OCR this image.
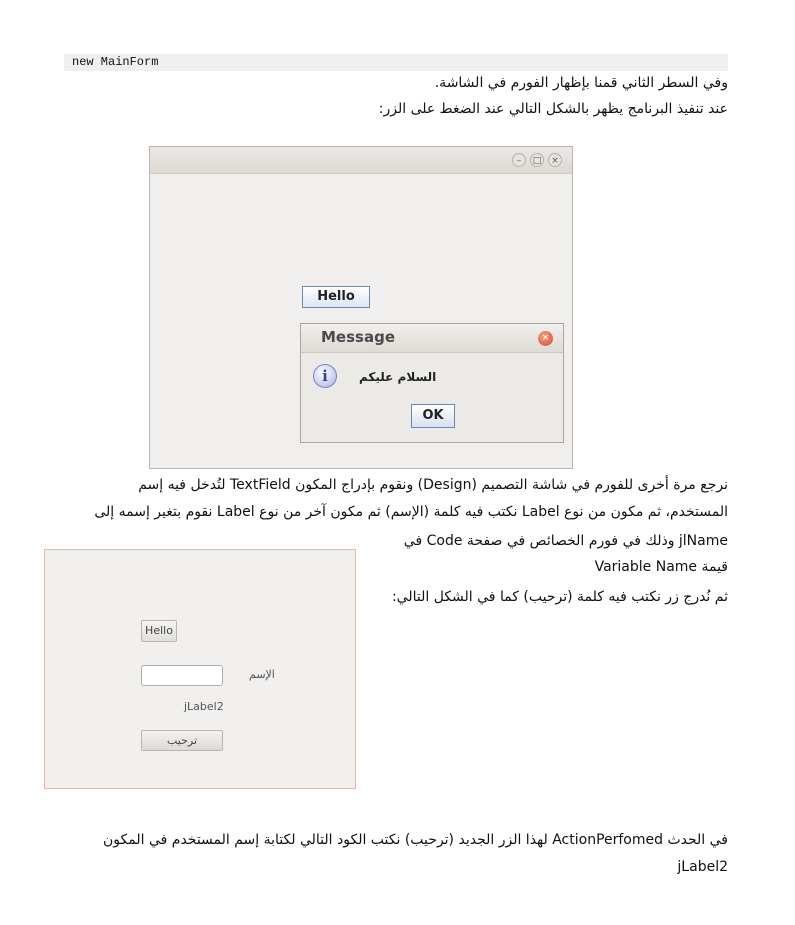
new MainForm
وفي السطر الثاني قمنا بإظهار الفورم في الشاشة.
عند تنفيذ البرنامج يظهر بالشكل التالي عند الضغط على الزر:
–	□	×
Hello
Message	×
i	السلام عليكم
OK
نرجع مرة أخرى للفورم في شاشة التصميم (Design) ونقوم بإدراج المكون TextField لتُدخل فيه إسم
المستخدم، ثم مكون من نوع Label نكتب فيه كلمة (الإسم) ثم مكون آخر من نوع Label نقوم بتغير إسمه إلى
jlName وذلك في فورم الخصائص في صفحة Code في
قيمة Variable Name
ثم نُدرج زر نكتب فيه كلمة (ترحيب) كما في الشكل التالي:
Hello
الإسم
jLabel2
ترحيب
في الحدث ActionPerfomed لهذا الزر الجديد (ترحيب) نكتب الكود التالي لكتابة إسم المستخدم في المكون
jLabel2
